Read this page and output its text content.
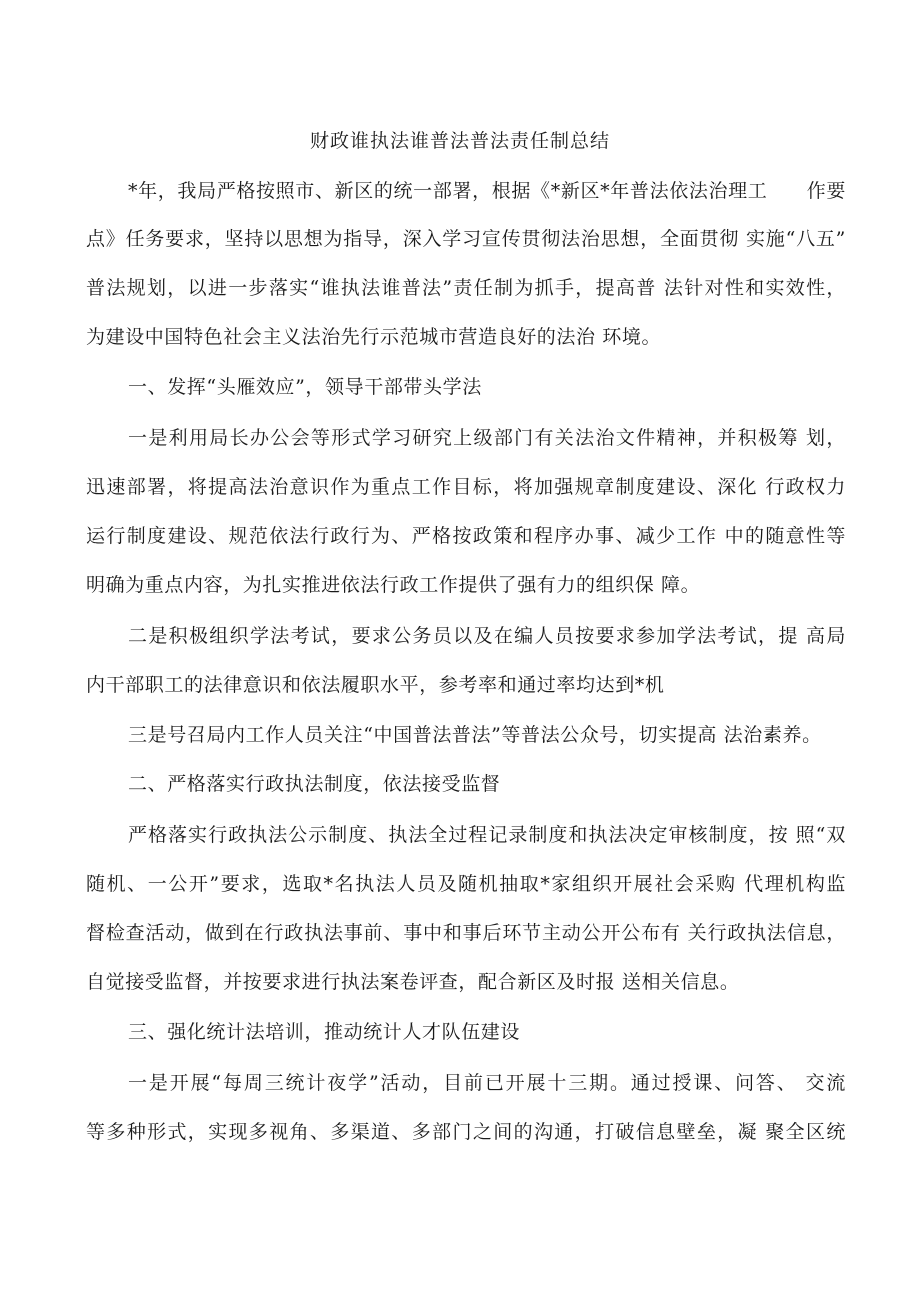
财政谁执法谁普法普法责任制总结
*年，我局严格按照市、新区的统一部署，根据《*新区*年普法依法治理工　　作要
点》任务要求，坚持以思想为指导，深入学习宣传贯彻法治思想，全面贯彻 实施“八五”
普法规划，以进一步落实“谁执法谁普法”责任制为抓手，提高普 法针对性和实效性，
为建设中国特色社会主义法治先行示范城市营造良好的法治 环境。
一、发挥“头雁效应”，领导干部带头学法
一是利用局长办公会等形式学习研究上级部门有关法治文件精神，并积极筹 划，
迅速部署，将提高法治意识作为重点工作目标，将加强规章制度建设、深化 行政权力
运行制度建设、规范依法行政行为、严格按政策和程序办事、减少工作 中的随意性等
明确为重点内容，为扎实推进依法行政工作提供了强有力的组织保 障。
二是积极组织学法考试，要求公务员以及在编人员按要求参加学法考试，提 高局
内干部职工的法律意识和依法履职水平，参考率和通过率均达到*机
三是号召局内工作人员关注“中国普法普法”等普法公众号，切实提高 法治素养。
二、严格落实行政执法制度，依法接受监督
严格落实行政执法公示制度、执法全过程记录制度和执法决定审核制度，按 照“双
随机、一公开”要求，选取*名执法人员及随机抽取*家组织开展社会采购 代理机构监
督检查活动，做到在行政执法事前、事中和事后环节主动公开公布有 关行政执法信息，
自觉接受监督，并按要求进行执法案卷评查，配合新区及时报 送相关信息。
三、强化统计法培训，推动统计人才队伍建设
一是开展“每周三统计夜学”活动，目前已开展十三期。通过授课、问答、 交流
等多种形式，实现多视角、多渠道、多部门之间的沟通，打破信息壁垒，凝 聚全区统
